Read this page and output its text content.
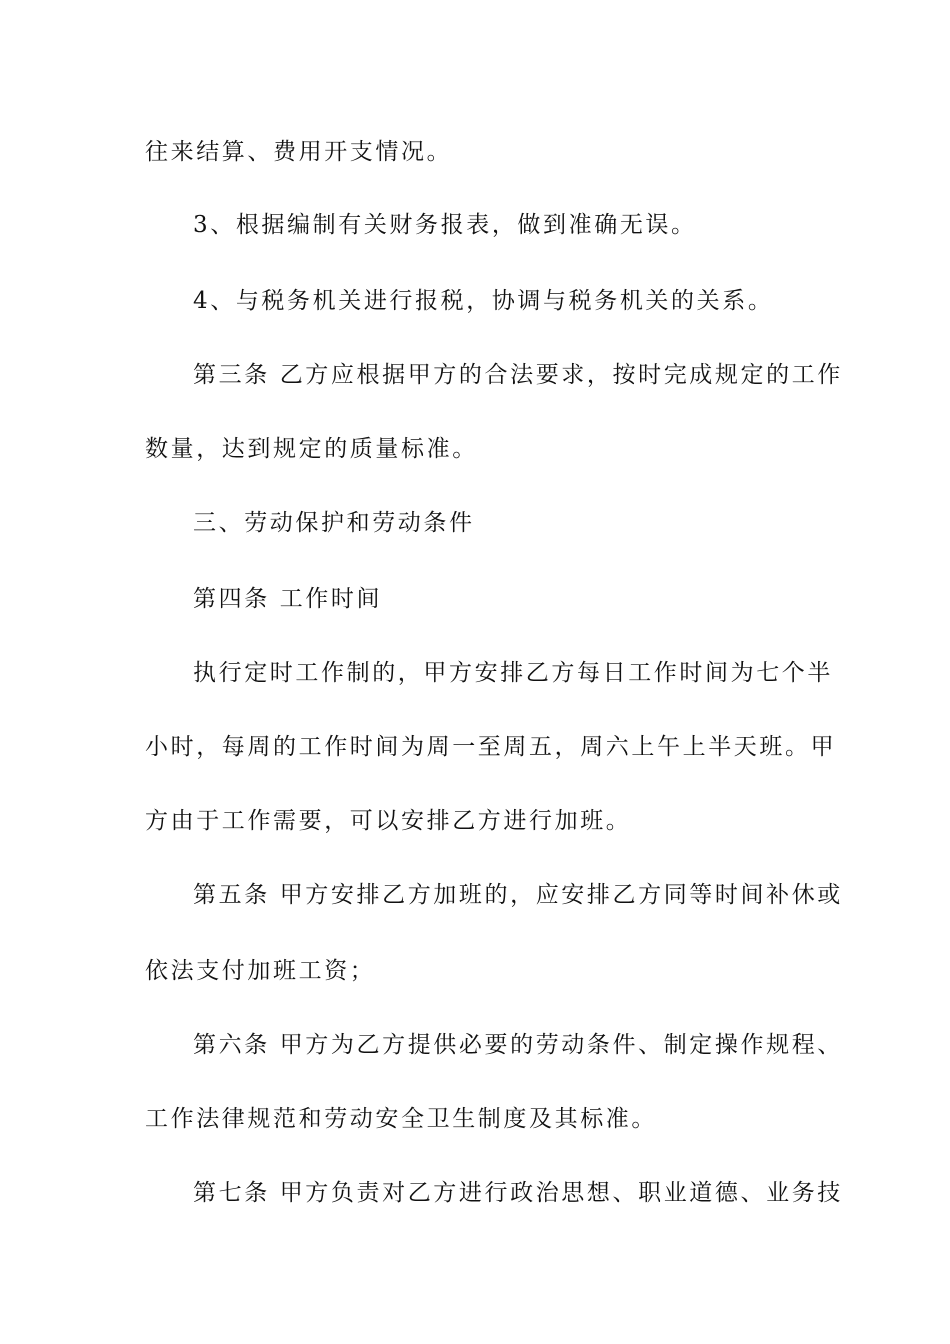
往来结算、费用开支情况。
3、根据编制有关财务报表，做到准确无误。
4、与税务机关进行报税，协调与税务机关的关系。
第三条 乙方应根据甲方的合法要求，按时完成规定的工作
数量，达到规定的质量标准。
三、劳动保护和劳动条件
第四条 工作时间
执行定时工作制的，甲方安排乙方每日工作时间为七个半
小时，每周的工作时间为周一至周五，周六上午上半天班。甲
方由于工作需要，可以安排乙方进行加班。
第五条 甲方安排乙方加班的，应安排乙方同等时间补休或
依法支付加班工资；
第六条 甲方为乙方提供必要的劳动条件、制定操作规程、
工作法律规范和劳动安全卫生制度及其标准。
第七条 甲方负责对乙方进行政治思想、职业道德、业务技
